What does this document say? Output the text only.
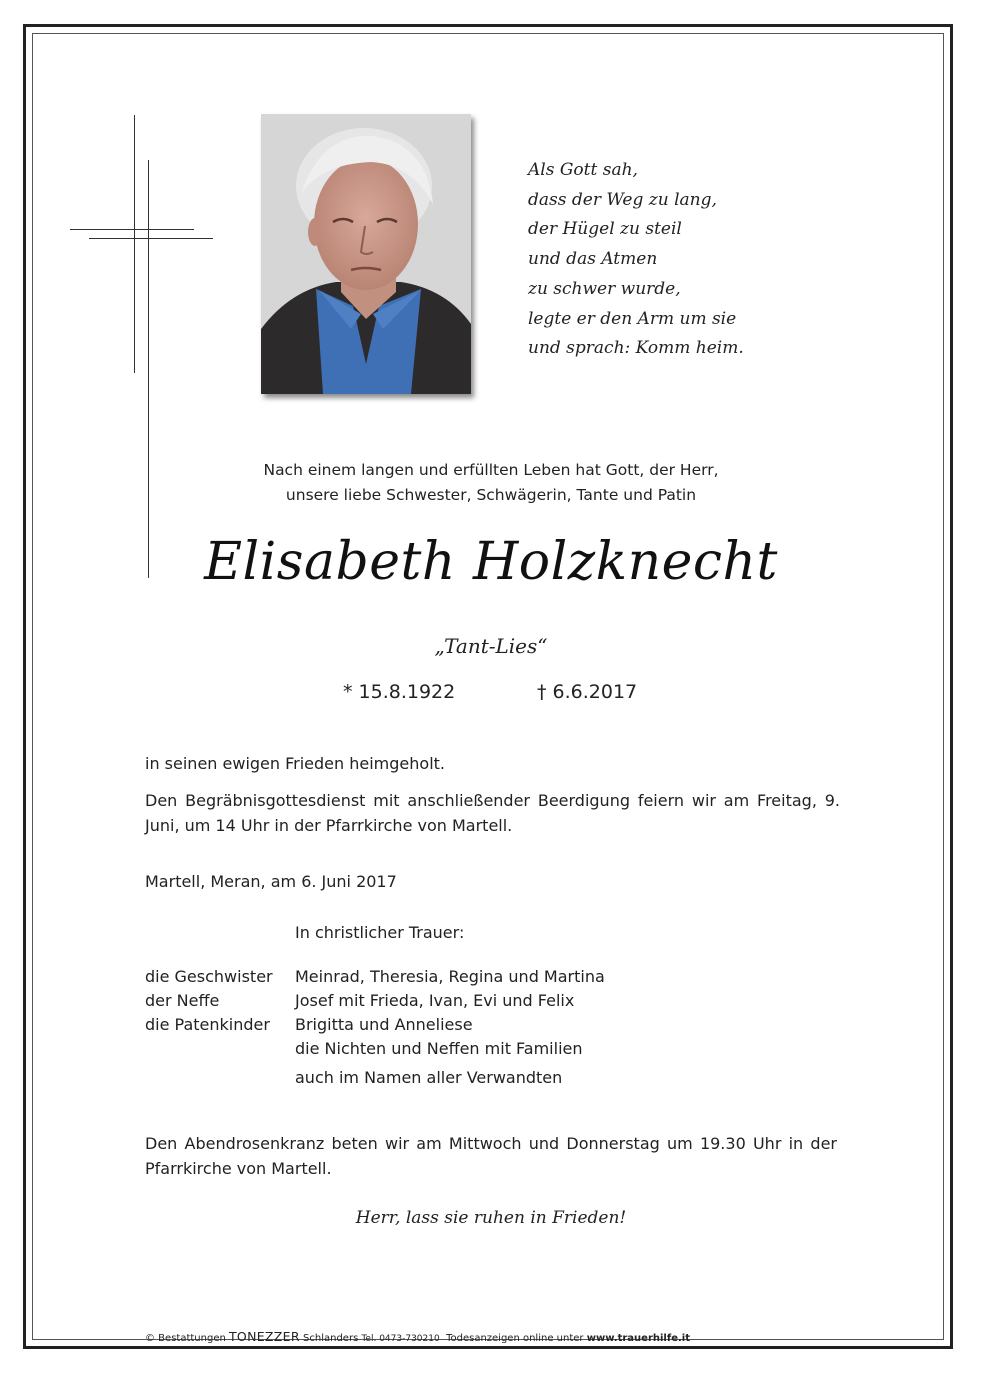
Als Gott sah,
dass der Weg zu lang,
der Hügel zu steil
und das Atmen
zu schwer wurde,
legte er den Arm um sie
und sprach: Komm heim.
Nach einem langen und erfüllten Leben hat Gott, der Herr,
unsere liebe Schwester, Schwägerin, Tante und Patin
Elisabeth Holzknecht
„Tant-Lies“
* 15.8.1922	† 6.6.2017
in seinen ewigen Frieden heimgeholt.
Den Begräbnisgottesdienst mit anschließender Beerdigung feiern wir am Freitag, 9. Juni, um 14 Uhr in der Pfarrkirche von Martell.
Martell, Meran, am 6. Juni 2017
In christlicher Trauer:
die Geschwister Meinrad, Theresia, Regina und Martina
der Neffe	Josef mit Frieda, Ivan, Evi und Felix
die Patenkinder Brigitta und Anneliese
die Nichten und Neffen mit Familien
auch im Namen aller Verwandten
Den Abendrosenkranz beten wir am Mittwoch und Donnerstag um 19.30 Uhr in der Pfarrkirche von Martell.
Herr, lass sie ruhen in Frieden!
© Bestattungen TONEZZER Schlanders Tel. 0473-730210 Todesanzeigen online unter www.trauerhilfe.it
